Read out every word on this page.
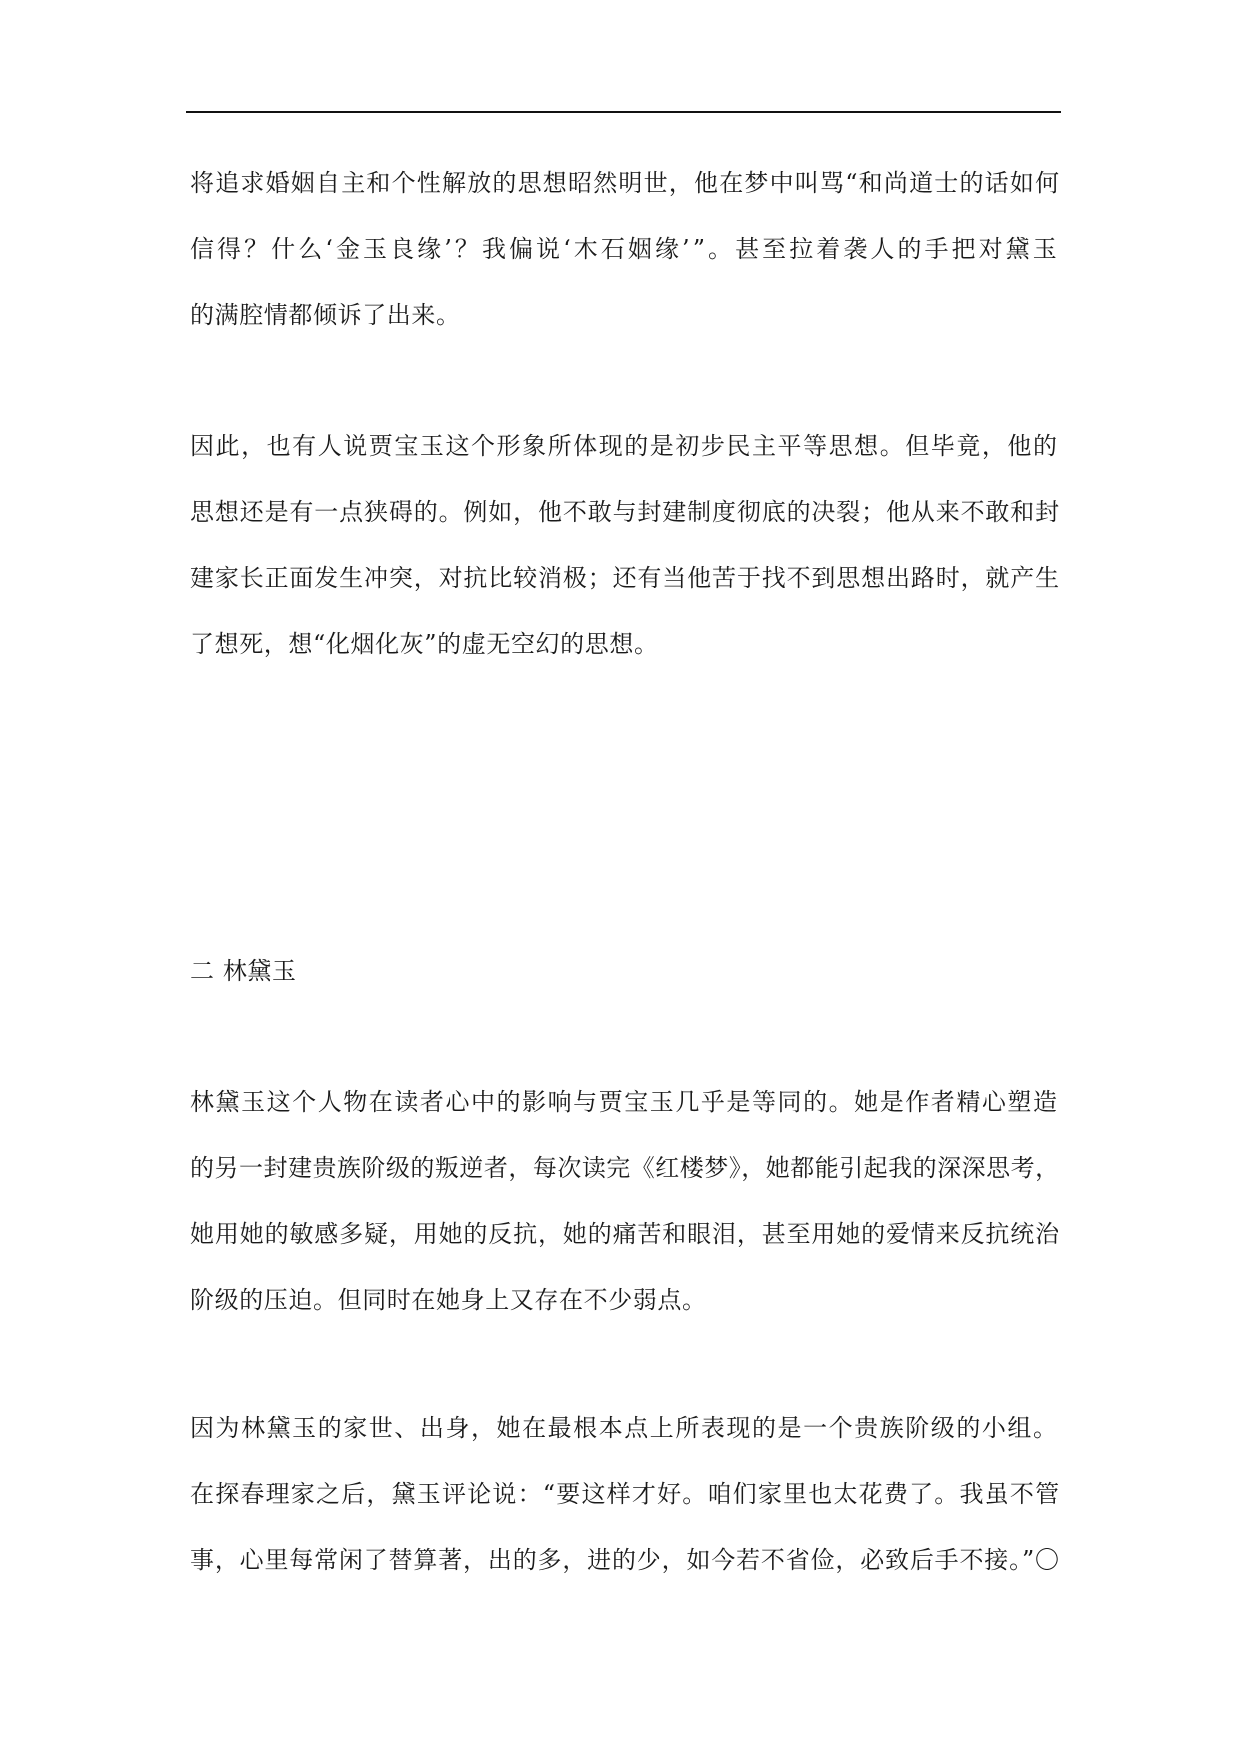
将追求婚姻自主和个性解放的思想昭然明世，他在梦中叫骂“和尚道士的话如何
信得？什么‘金玉良缘’？我偏说‘木石姻缘’”。甚至拉着袭人的手把对黛玉
的满腔情都倾诉了出来。
因此，也有人说贾宝玉这个形象所体现的是初步民主平等思想。但毕竟，他的
思想还是有一点狭碍的。例如，他不敢与封建制度彻底的决裂；他从来不敢和封
建家长正面发生冲突，对抗比较消极；还有当他苦于找不到思想出路时，就产生
了想死，想“化烟化灰”的虚无空幻的思想。
二 林黛玉
林黛玉这个人物在读者心中的影响与贾宝玉几乎是等同的。她是作者精心塑造
的另一封建贵族阶级的叛逆者，每次读完《红楼梦》，她都能引起我的深深思考，
她用她的敏感多疑，用她的反抗，她的痛苦和眼泪，甚至用她的爱情来反抗统治
阶级的压迫。但同时在她身上又存在不少弱点。
因为林黛玉的家世、出身，她在最根本点上所表现的是一个贵族阶级的小组。
在探春理家之后，黛玉评论说：“要这样才好。咱们家里也太花费了。我虽不管
事，心里每常闲了替算著，出的多，进的少，如今若不省俭，必致后手不接。”〇
